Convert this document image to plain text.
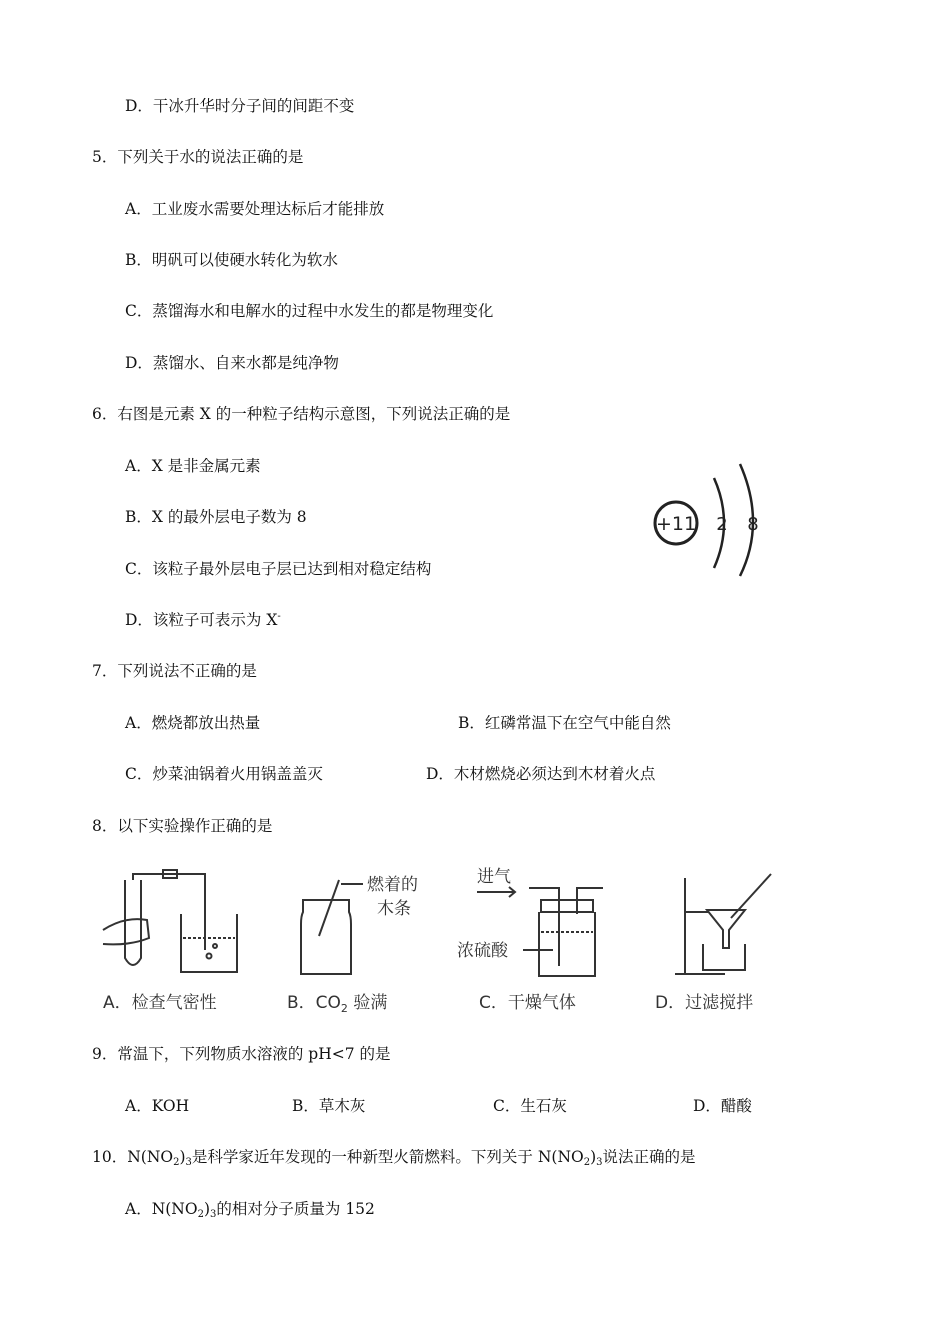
D．干冰升华时分子间的间距不变
5．下列关于水的说法正确的是
A．工业废水需要处理达标后才能排放
B．明矾可以使硬水转化为软水
C．蒸馏海水和电解水的过程中水发生的都是物理变化
D．蒸馏水、自来水都是纯净物
6．右图是元素 X 的一种粒子结构示意图，下列说法正确的是
A．X 是非金属元素
B．X 的最外层电子数为 8
C．该粒子最外层电子层已达到相对稳定结构
D．该粒子可表示为 X-
+11 2 8
7．下列说法不正确的是
A．燃烧都放出热量	B．红磷常温下在空气中能自然
C．炒菜油锅着火用锅盖盖灭	D．木材燃烧必须达到木材着火点
8．以下实验操作正确的是
A．检查气密性
燃着的
木条
B．$CO_2$ 验满
进气
浓硫酸
C．干燥气体	D．过滤搅拌
9．常温下，下列物质水溶液的 pH<7 的是
A．KOH	B．草木灰	C．生石灰	D．醋酸
10．$N(NO_2)_3$是科学家近年发现的一种新型火箭燃料。下列关于 $N(NO_2)_3$说法正确的是
A．$N(NO_2)_3$的相对分子质量为 152
